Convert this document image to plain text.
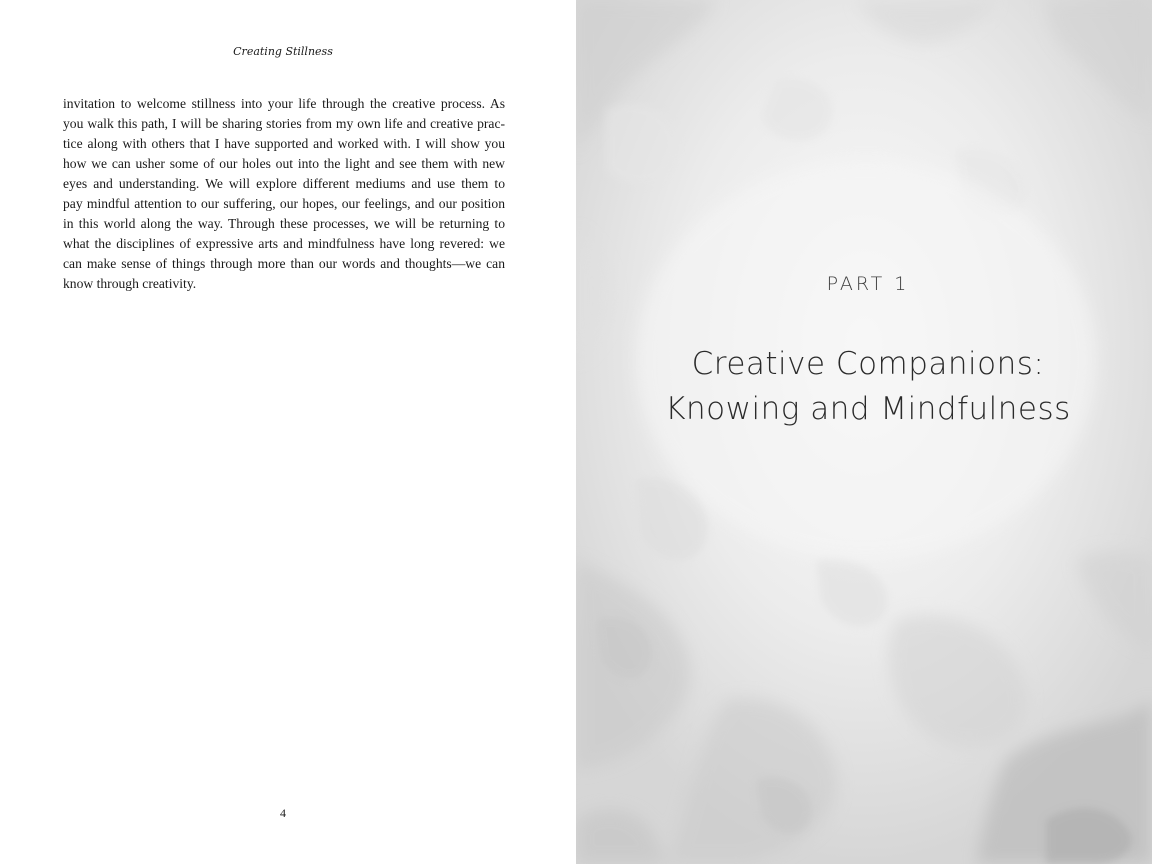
Creating Stillness
invitation to welcome stillness into your life through the creative process. As
you walk this path, I will be sharing stories from my own life and creative prac-
tice along with others that I have supported and worked with. I will show you
how we can usher some of our holes out into the light and see them with new
eyes and understanding. We will explore different mediums and use them to
pay mindful attention to our suffering, our hopes, our feelings, and our position
in this world along the way. Through these processes, we will be returning to
what the disciplines of expressive arts and mindfulness have long revered: we
can make sense of things through more than our words and thoughts—we can
know through creativity.
4
PART 1
Creative Companions:
Knowing and Mindfulness
